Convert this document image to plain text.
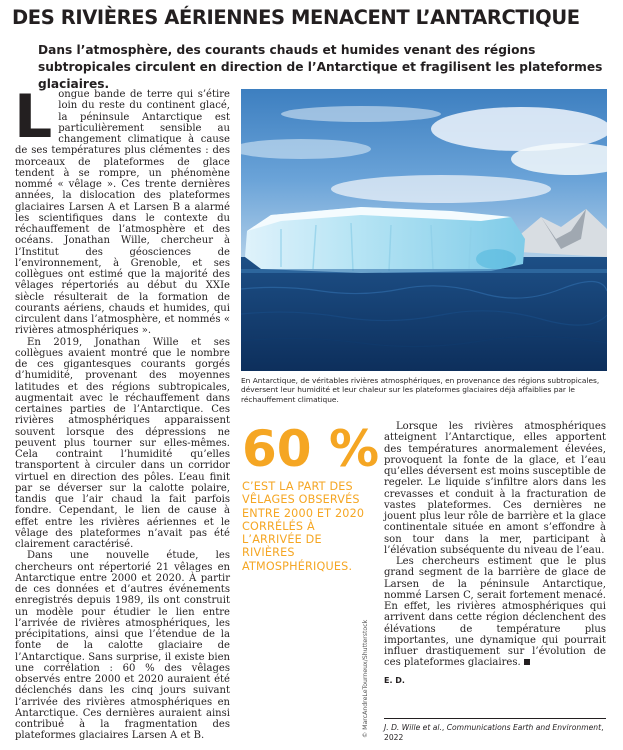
DES RIVIÈRES AÉRIENNES MENACENT L’ANTARCTIQUE
Dans l’atmosphère, des courants chauds et humides venant des régions subtropicales circulent en direction de l’Antarctique et fragilisent les plateformes glaciaires.

Longue bande de terre qui s’étire loin du reste du continent glacé, la péninsule Antarctique est particulièrement sensible au changement climatique à cause de ses températures plus clémentes : des morceaux de plateformes de glace tendent à se rompre, un phénomène nommé « vêlage ». Ces trente dernières années, la dislocation des plateformes glaciaires Larsen A et Larsen B a alarmé les scientifiques dans le contexte du réchauffement de l’atmosphère et des océans. Jonathan Wille, chercheur à l’Institut des géosciences de l’environnement, à Grenoble, et ses collègues ont estimé que la majorité des vêlages répertoriés au début du XXIe siècle résulterait de la formation de courants aériens, chauds et humides, qui circulent dans l’atmosphère, et nommés « rivières atmosphériques ».

En 2019, Jonathan Wille et ses collègues avaient montré que le nombre de ces gigantesques courants gorgés d’humidité, provenant des moyennes latitudes et des régions subtropicales, augmentait avec le réchauffement dans certaines parties de l’Antarctique. Ces rivières atmosphériques apparaissent souvent lorsque des dépressions ne peuvent plus tourner sur elles-mêmes. Cela contraint l’humidité qu’elles transportent à circuler dans un corridor virtuel en direction des pôles. L’eau finit par se déverser sur la calotte polaire, tandis que l’air chaud la fait parfois fondre. Cependant, le lien de cause à effet entre les rivières aériennes et le vêlage des plateformes n’avait pas été clairement caractérisé.

Dans une nouvelle étude, les chercheurs ont répertorié 21 vêlages en Antarctique entre 2000 et 2020. À partir de ces données et d’autres événements enregistrés depuis 1989, ils ont construit un modèle pour étudier le lien entre l’arrivée de rivières atmosphériques, les précipitations, ainsi que l’étendue de la fonte de la calotte glaciaire de l’Antarctique. Sans surprise, il existe bien une corrélation : 60 % des vêlages observés entre 2000 et 2020 auraient été déclenchés dans les cinq jours suivant l’arrivée des rivières atmosphériques en Antarctique. Ces dernières auraient ainsi contribué à la fragmentation des plateformes glaciaires Larsen A et B.

En Antarctique, de véritables rivières atmosphériques, en provenance des régions subtropicales, déversent leur humidité et leur chaleur sur les plateformes glaciaires déjà affaiblies par le réchauffement climatique.
© MarcAndreLeTourneux/Shutterstock
60 %
C’EST LA PART DES VÊLAGES OBSERVÉS ENTRE 2000 ET 2020 CORRÉLÉS À L’ARRIVÉE DE RIVIÈRES ATMOSPHÉRIQUES.

Lorsque les rivières atmosphériques atteignent l’Antarctique, elles apportent des températures anormalement élevées, provoquent la fonte de la glace, et l’eau qu’elles déversent est moins susceptible de regeler. Le liquide s’infiltre alors dans les crevasses et conduit à la fracturation de vastes plateformes. Ces dernières ne jouent plus leur rôle de barrière et la glace continentale située en amont s’effondre à son tour dans la mer, participant à l’élévation subséquente du niveau de l’eau.

Les chercheurs estiment que le plus grand segment de la barrière de glace de Larsen de la péninsule Antarctique, nommé Larsen C, serait fortement menacé. En effet, les rivières atmosphériques qui arrivent dans cette région déclenchent des élévations de température plus importantes, une dynamique qui pourrait influer drastiquement sur l’évolution de ces plateformes glaciaires.

E. D.
J. D. Wille et al., Communications Earth and Environment, 2022
